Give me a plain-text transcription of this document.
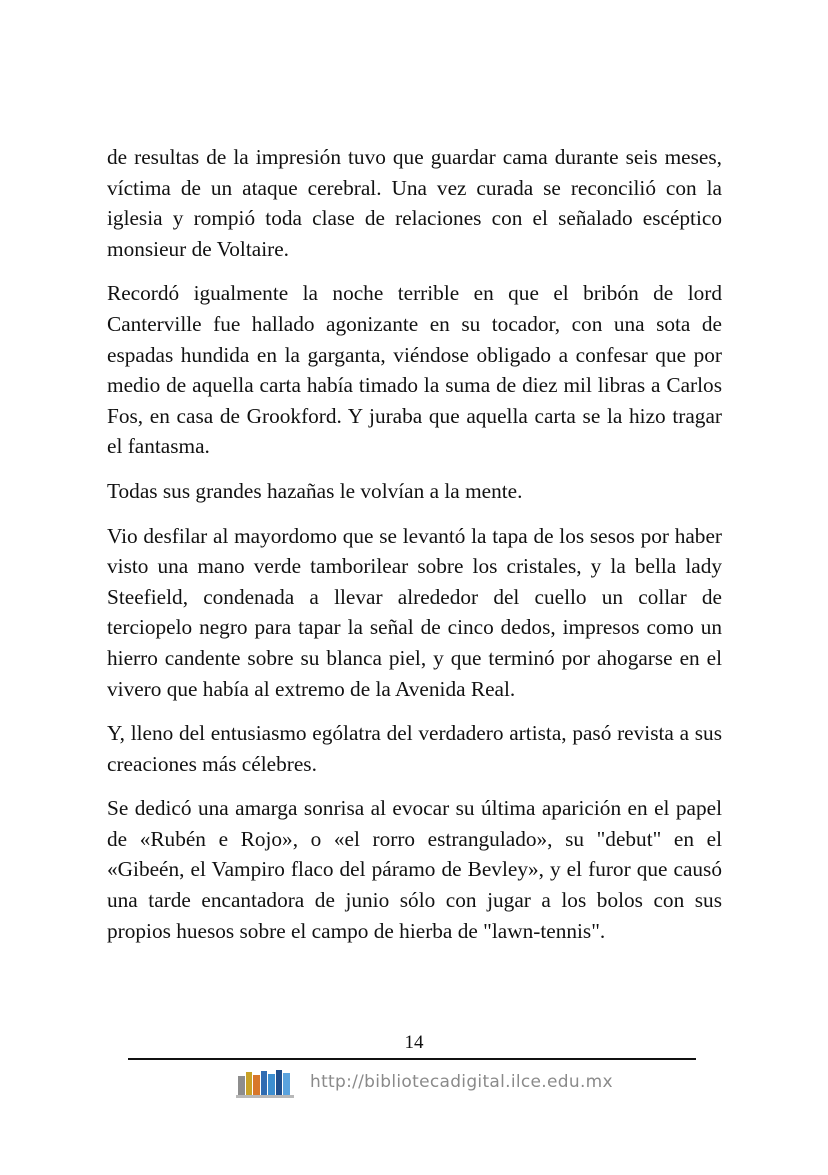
de resultas de la impresión tuvo que guardar cama durante seis meses, víctima de un ataque cerebral. Una vez curada se reconcilió con la iglesia y rompió toda clase de relaciones con el señalado escéptico monsieur de Voltaire.

Recordó igualmente la noche terrible en que el bribón de lord Canterville fue hallado agonizante en su tocador, con una sota de espadas hundida en la garganta, viéndose obligado a confesar que por medio de aquella carta había timado la suma de diez mil libras a Carlos Fos, en casa de Grookford. Y juraba que aquella carta se la hizo tragar el fantasma.

Todas sus grandes hazañas le volvían a la mente.

Vio desfilar al mayordomo que se levantó la tapa de los sesos por haber visto una mano verde tamborilear sobre los cristales, y la bella lady Steefield, condenada a llevar alrededor del cuello un collar de terciopelo negro para tapar la señal de cinco dedos, impresos como un hierro candente sobre su blanca piel, y que terminó por ahogarse en el vivero que había al extremo de la Avenida Real.

Y, lleno del entusiasmo ególatra del verdadero artista, pasó revista a sus creaciones más célebres.

Se dedicó una amarga sonrisa al evocar su última aparición en el papel de «Rubén e Rojo», o «el rorro estrangulado», su "debut" en el «Gibeén, el Vampiro flaco del páramo de Bevley», y el furor que causó una tarde encantadora de junio sólo con jugar a los bolos con sus propios huesos sobre el campo de hierba de "lawn-tennis".

14
http://bibliotecadigital.ilce.edu.mx
